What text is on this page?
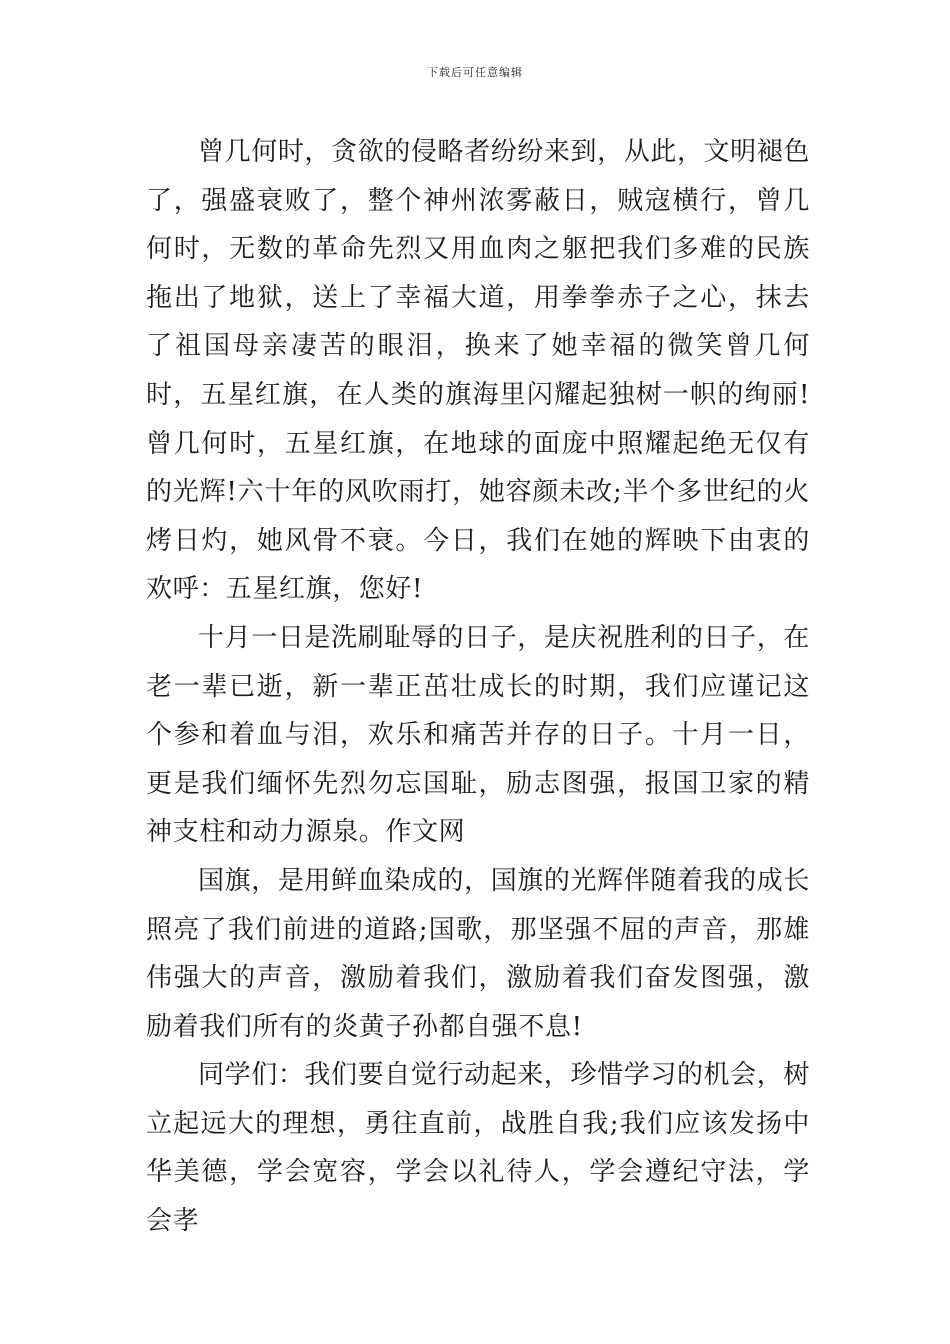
下载后可任意编辑

曾几何时，贪欲的侵略者纷纷来到，从此，文明褪色了，强盛衰败了，整个神州浓雾蔽日，贼寇横行，曾几何时，无数的革命先烈又用血肉之躯把我们多难的民族拖出了地狱，送上了幸福大道，用拳拳赤子之心，抹去了祖国母亲凄苦的眼泪，换来了她幸福的微笑曾几何时，五星红旗，在人类的旗海里闪耀起独树一帜的绚丽!曾几何时，五星红旗，在地球的面庞中照耀起绝无仅有的光辉!六十年的风吹雨打，她容颜未改;半个多世纪的火烤日灼，她风骨不衰。今日，我们在她的辉映下由衷的欢呼：五星红旗，您好!

十月一日是洗刷耻辱的日子，是庆祝胜利的日子，在老一辈已逝，新一辈正茁壮成长的时期，我们应谨记这个参和着血与泪，欢乐和痛苦并存的日子。十月一日，更是我们缅怀先烈勿忘国耻，励志图强，报国卫家的精神支柱和动力源泉。作文网

国旗，是用鲜血染成的，国旗的光辉伴随着我的成长照亮了我们前进的道路;国歌，那坚强不屈的声音，那雄伟强大的声音，激励着我们，激励着我们奋发图强，激励着我们所有的炎黄子孙都自强不息!

同学们：我们要自觉行动起来，珍惜学习的机会，树立起远大的理想，勇往直前，战胜自我;我们应该发扬中华美德，学会宽容，学会以礼待人，学会遵纪守法，学会孝
